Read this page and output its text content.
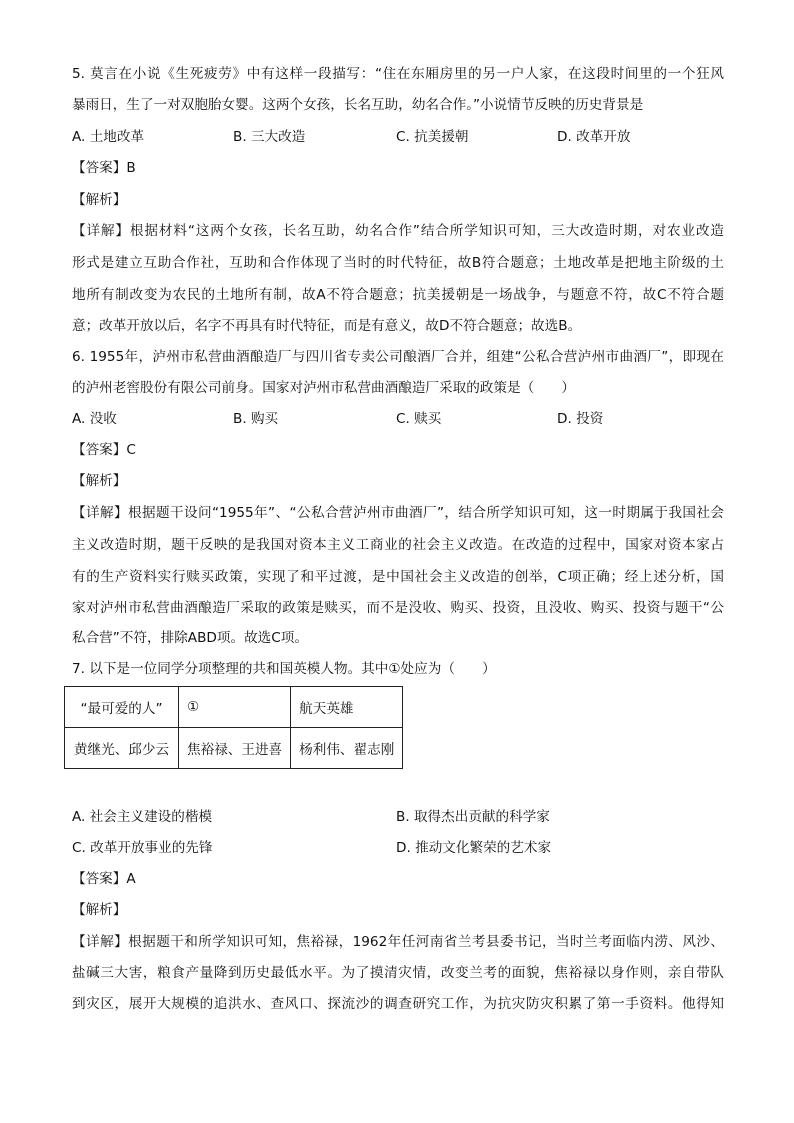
5. 莫言在小说《生死疲劳》中有这样一段描写：“住在东厢房里的另一户人家，在这段时间里的一个狂风
暴雨日，生了一对双胞胎女婴。这两个女孩，长名互助，幼名合作。”小说情节反映的历史背景是
A. 土地改革	B. 三大改造	C. 抗美援朝	D. 改革开放
【答案】B
【解析】
【详解】根据材料“这两个女孩，长名互助，幼名合作”结合所学知识可知，三大改造时期，对农业改造
形式是建立互助合作社，互助和合作体现了当时的时代特征，故B符合题意；土地改革是把地主阶级的土
地所有制改变为农民的土地所有制，故A不符合题意；抗美援朝是一场战争，与题意不符，故C不符合题
意；改革开放以后，名字不再具有时代特征，而是有意义，故D不符合题意；故选B。
6. 1955年，泸州市私营曲酒酿造厂与四川省专卖公司酿酒厂合并，组建“公私合营泸州市曲酒厂”，即现在
的泸州老窖股份有限公司前身。国家对泸州市私营曲酒酿造厂采取的政策是（　　）
A. 没收	B. 购买	C. 赎买	D. 投资
【答案】C
【解析】
【详解】根据题干设问“1955年”、“公私合营泸州市曲酒厂”，结合所学知识可知，这一时期属于我国社会
主义改造时期，题干反映的是我国对资本主义工商业的社会主义改造。在改造的过程中，国家对资本家占
有的生产资料实行赎买政策，实现了和平过渡，是中国社会主义改造的创举，C项正确；经上述分析，国
家对泸州市私营曲酒酿造厂采取的政策是赎买，而不是没收、购买、投资，且没收、购买、投资与题干“公
私合营”不符，排除ABD项。故选C项。
7. 以下是一位同学分项整理的共和国英模人物。其中①处应为（　　）
“最可爱的人”	①	航天英雄
黄继光、邱少云	焦裕禄、王进喜	杨利伟、翟志刚
A. 社会主义建设的楷模	B. 取得杰出贡献的科学家
C. 改革开放事业的先锋	D. 推动文化繁荣的艺术家
【答案】A
【解析】
【详解】根据题干和所学知识可知，焦裕禄，1962年任河南省兰考县委书记，当时兰考面临内涝、风沙、
盐碱三大害，粮食产量降到历史最低水平。为了摸清灾情，改变兰考的面貌，焦裕禄以身作则，亲自带队
到灾区，展开大规模的追洪水、查风口、探流沙的调查研究工作，为抗灾防灾积累了第一手资料。他得知
